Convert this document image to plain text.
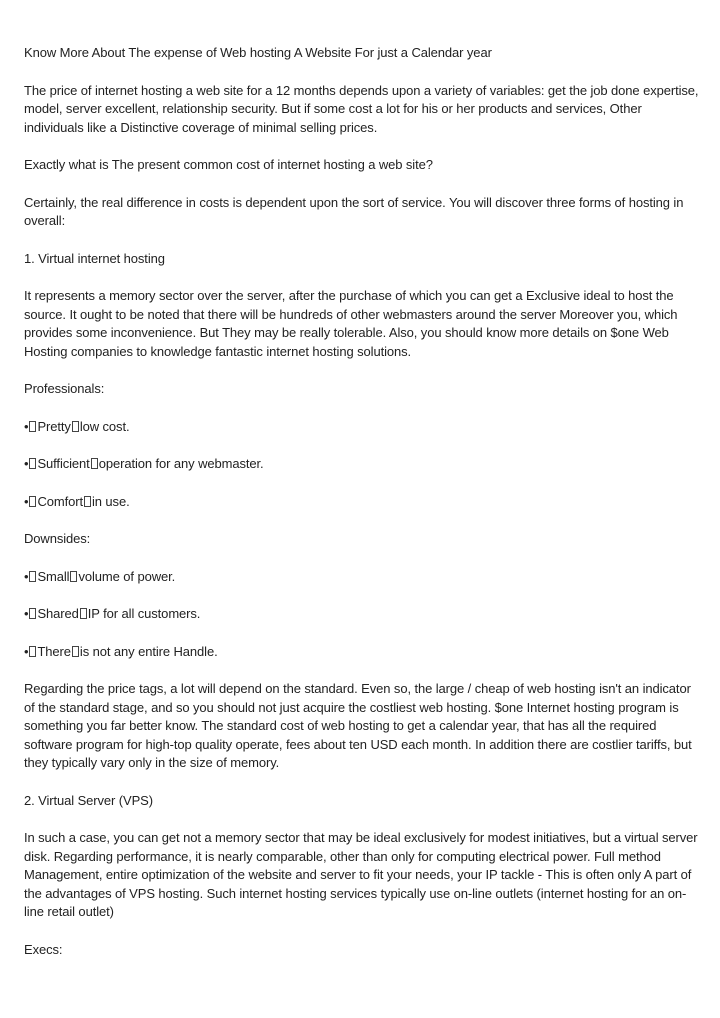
Know More About The expense of Web hosting A Website For just a Calendar year

The price of internet hosting a web site for a 12 months depends upon a variety of variables: get the job done expertise, model, server excellent, relationship security. But if some cost a lot for his or her products and services, Other individuals like a Distinctive coverage of minimal selling prices.

Exactly what is The present common cost of internet hosting a web site?

Certainly, the real difference in costs is dependent upon the sort of service. You will discover three forms of hosting in overall:

1. Virtual internet hosting

It represents a memory sector over the server, after the purchase of which you can get a Exclusive ideal to host the source. It ought to be noted that there will be hundreds of other webmasters around the server Moreover you, which provides some inconvenience. But They may be really tolerable. Also, you should know more details on $one Web Hosting companies to knowledge fantastic internet hosting solutions.

Professionals:

• Pretty low cost.

• Sufficient operation for any webmaster.

• Comfort in use.

Downsides:

• Small volume of power.

• Shared IP for all customers.

• There is not any entire Handle.

Regarding the price tags, a lot will depend on the standard. Even so, the large / cheap of web hosting isn't an indicator of the standard stage, and so you should not just acquire the costliest web hosting. $one Internet hosting program is something you far better know. The standard cost of web hosting to get a calendar year, that has all the required software program for high-top quality operate, fees about ten USD each month. In addition there are costlier tariffs, but they typically vary only in the size of memory.

2. Virtual Server (VPS)

In such a case, you can get not a memory sector that may be ideal exclusively for modest initiatives, but a virtual server disk. Regarding performance, it is nearly comparable, other than only for computing electrical power. Full method Management, entire optimization of the website and server to fit your needs, your IP tackle - This is often only A part of the advantages of VPS hosting. Such internet hosting services typically use on-line outlets (internet hosting for an on-line retail outlet)

Execs:
